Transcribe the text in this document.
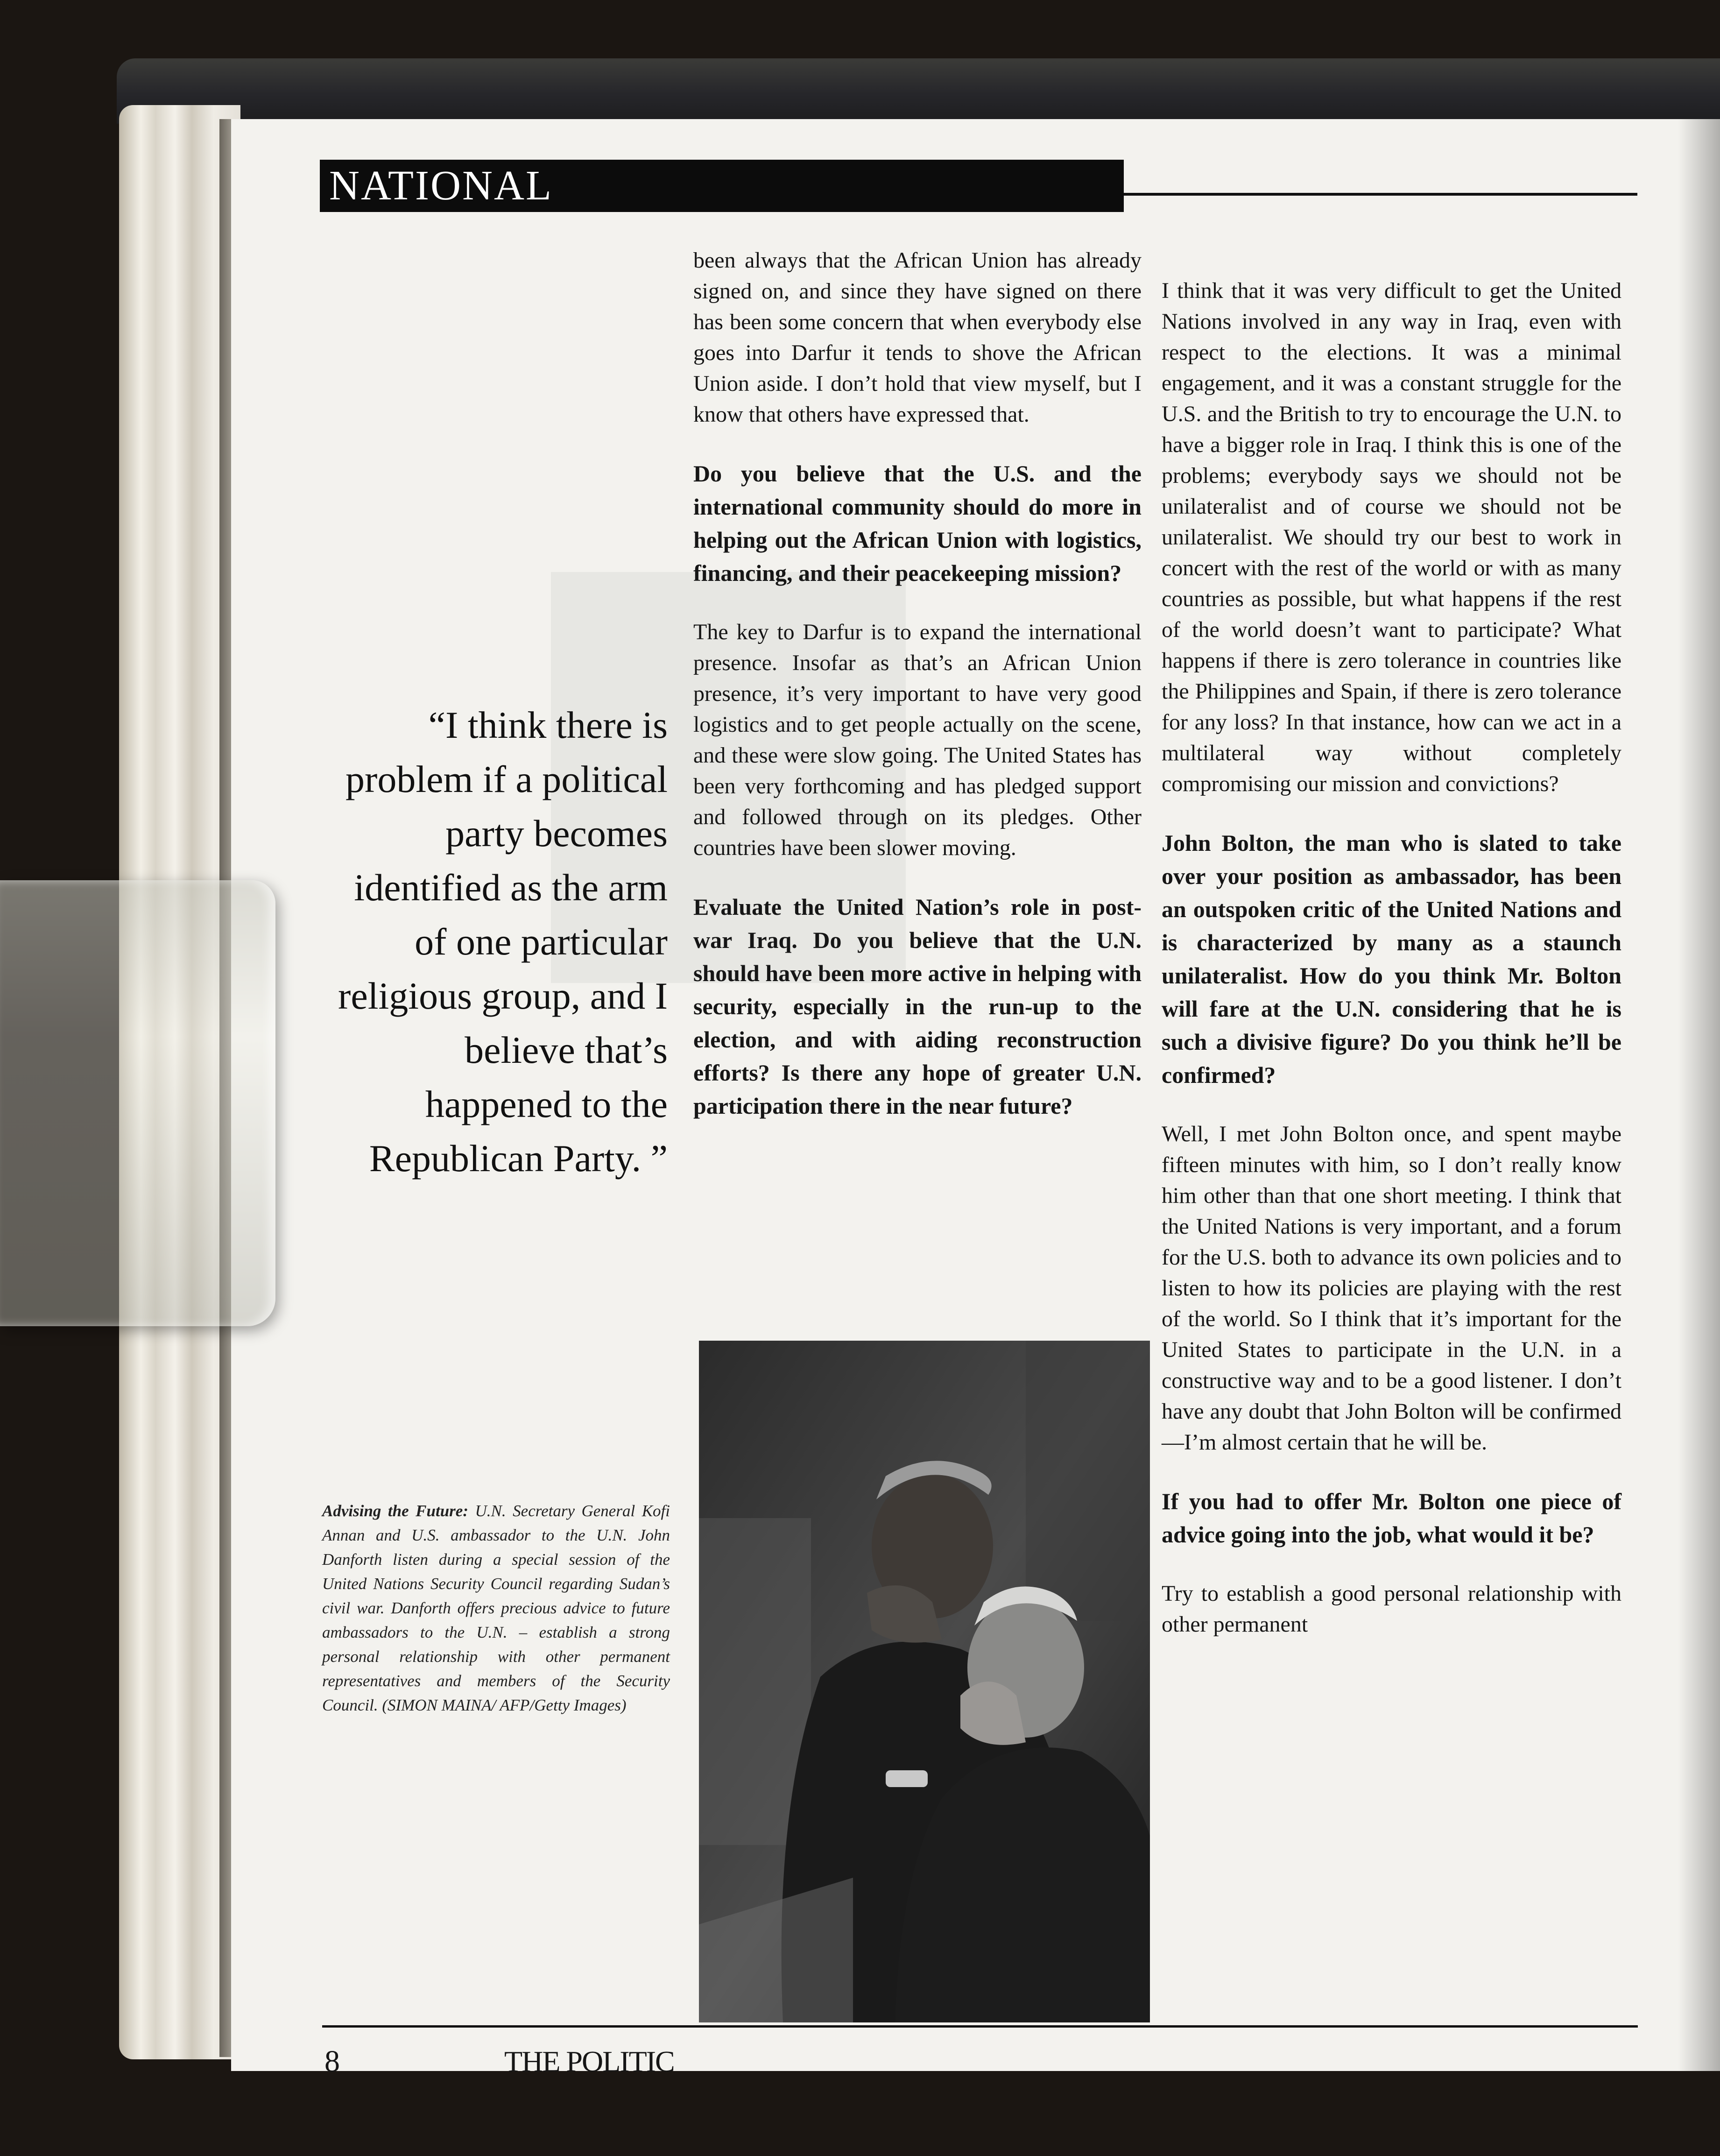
NATIONAL

been always that the African Union has already signed on, and since they have signed on there has been some concern that when everybody else goes into Darfur it tends to shove the African Union aside. I don’t hold that view myself, but I know that others have expressed that.

Do you believe that the U.S. and the international community should do more in helping out the African Union with logistics, financing, and their peacekeeping mission?

The key to Darfur is to expand the international presence. Insofar as that’s an African Union presence, it’s very important to have very good logistics and to get people actually on the scene, and these were slow going. The United States has been very forthcoming and has pledged support and followed through on its pledges. Other countries have been slower moving.

Evaluate the United Nation’s role in post-war Iraq. Do you believe that the U.N. should have been more active in helping with security, especially in the run-up to the election, and with aiding reconstruction efforts? Is there any hope of greater U.N. participation there in the near future?

I think that it was very difficult to get the United Nations involved in any way in Iraq, even with respect to the elections. It was a minimal engagement, and it was a constant struggle for the U.S. and the British to try to encourage the U.N. to have a bigger role in Iraq. I think this is one of the problems; everybody says we should not be unilateralist and of course we should not be unilateralist. We should try our best to work in concert with the rest of the world or with as many countries as possible, but what happens if the rest of the world doesn’t want to participate? What happens if there is zero tolerance in countries like the Philippines and Spain, if there is zero tolerance for any loss? In that instance, how can we act in a multilateral way without completely compromising our mission and convictions?

John Bolton, the man who is slated to take over your position as ambassador, has been an outspoken critic of the United Nations and is characterized by many as a staunch unilateralist. How do you think Mr. Bolton will fare at the U.N. considering that he is such a divisive figure? Do you think he’ll be confirmed?

Well, I met John Bolton once, and spent maybe fifteen minutes with him, so I don’t really know him other than that one short meeting. I think that the United Nations is very important, and a forum for the U.S. both to advance its own policies and to listen to how its policies are playing with the rest of the world. So I think that it’s important for the United States to participate in the U.N. in a constructive way and to be a good listener. I don’t have any doubt that John Bolton will be confirmed—I’m almost certain that he will be.

If you had to offer Mr. Bolton one piece of advice going into the job, what would it be?

Try to establish a good personal relationship with other permanent

“I think there is problem if a political party becomes identified as the arm of one particular religious group, and I believe that’s happened to the Republican Party. ”
Advising the Future: U.N. Secretary General Kofi Annan and U.S. ambassador to the U.N. John Danforth listen during a special session of the United Nations Security Council regarding Sudan’s civil war. Danforth offers precious advice to future ambassadors to the U.N. – establish a strong personal relationship with other permanent representatives and members of the Security Council. (SIMON MAINA/ AFP/Getty Images)
8	THE POLITIC
